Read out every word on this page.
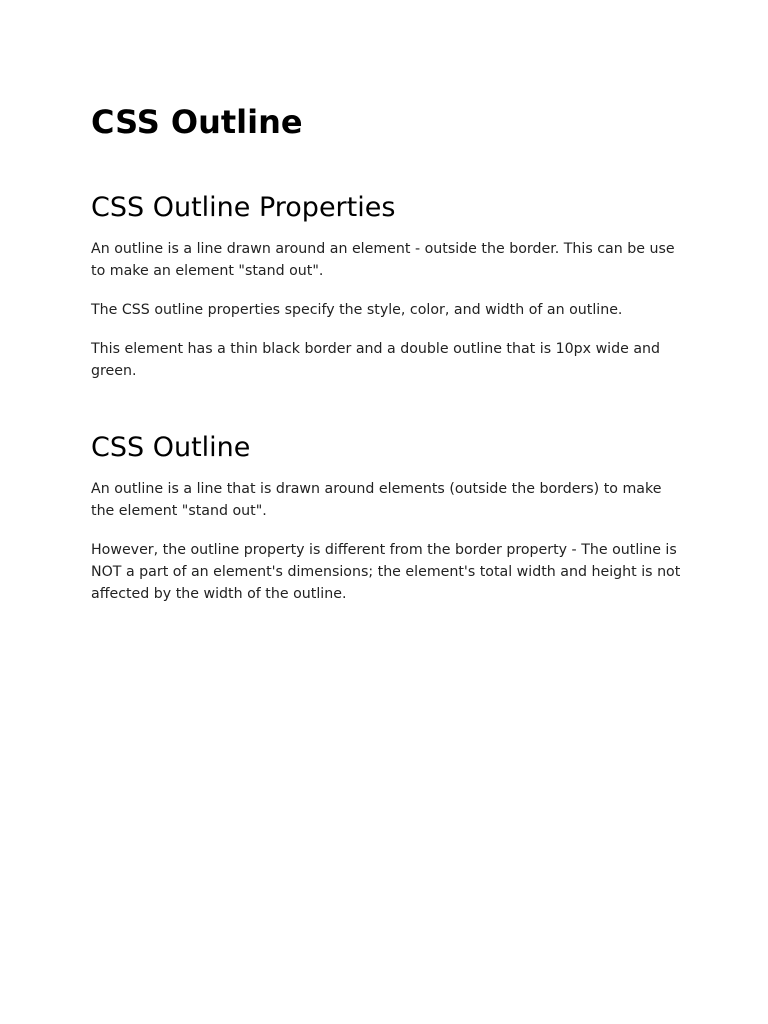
CSS Outline
CSS Outline Properties

An outline is a line drawn around an element - outside the border. This can be use to make an element "stand out".

The CSS outline properties specify the style, color, and width of an outline.

This element has a thin black border and a double outline that is 10px wide and green.

CSS Outline

An outline is a line that is drawn around elements (outside the borders) to make the element "stand out".

However, the outline property is different from the border property - The outline is NOT a part of an element's dimensions; the element's total width and height is not affected by the width of the outline.
